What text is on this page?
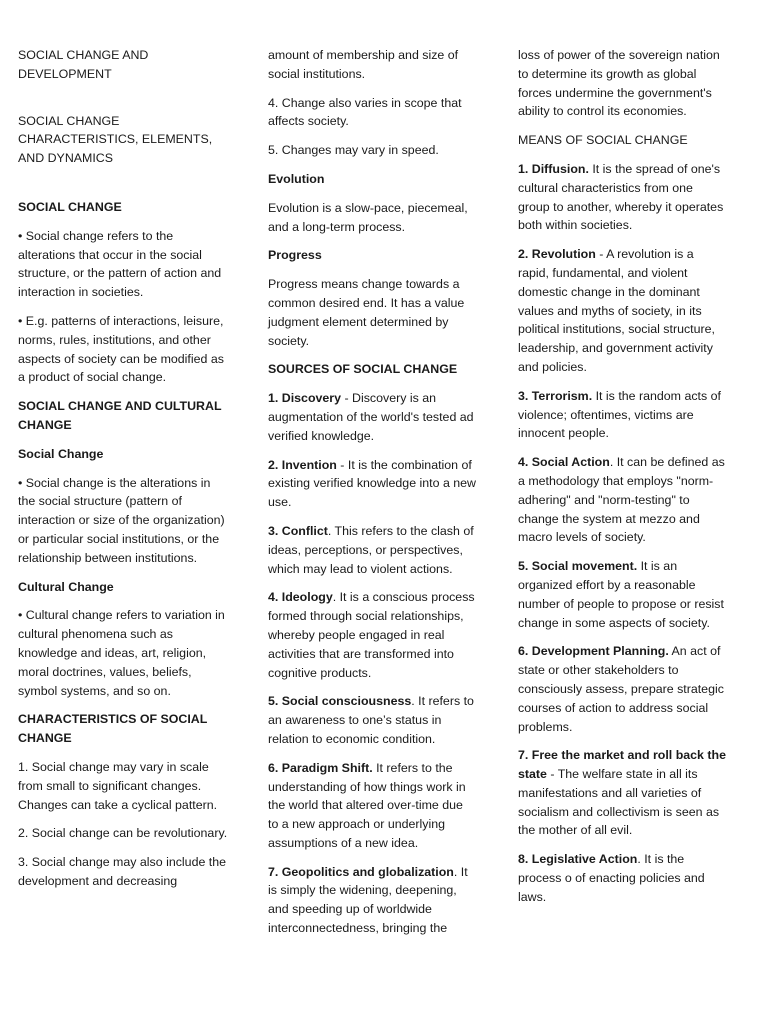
SOCIAL CHANGE AND DEVELOPMENT

SOCIAL CHANGE CHARACTERISTICS, ELEMENTS, AND DYNAMICS

SOCIAL CHANGE

• Social change refers to the alterations that occur in the social structure, or the pattern of action and interaction in societies.

• E.g. patterns of interactions, leisure, norms, rules, institutions, and other aspects of society can be modified as a product of social change.

SOCIAL CHANGE AND CULTURAL CHANGE

Social Change

• Social change is the alterations in the social structure (pattern of interaction or size of the organization) or particular social institutions, or the relationship between institutions.

Cultural Change

• Cultural change refers to variation in cultural phenomena such as knowledge and ideas, art, religion, moral doctrines, values, beliefs, symbol systems, and so on.

CHARACTERISTICS OF SOCIAL CHANGE

1. Social change may vary in scale from small to significant changes. Changes can take a cyclical pattern.

2. Social change can be revolutionary.

3. Social change may also include the development and decreasing

amount of membership and size of social institutions.

4. Change also varies in scope that affects society.

5. Changes may vary in speed.

Evolution

Evolution is a slow-pace, piecemeal, and a long-term process.

Progress

Progress means change towards a common desired end. It has a value judgment element determined by society.

SOURCES OF SOCIAL CHANGE

1. Discovery - Discovery is an augmentation of the world's tested ad verified knowledge.

2. Invention - It is the combination of existing verified knowledge into a new use.

3. Conflict. This refers to the clash of ideas, perceptions, or perspectives, which may lead to violent actions.

4. Ideology. It is a conscious process formed through social relationships, whereby people engaged in real activities that are transformed into cognitive products.

5. Social consciousness. It refers to an awareness to one’s status in relation to economic condition.

6. Paradigm Shift. It refers to the understanding of how things work in the world that altered over-time due to a new approach or underlying assumptions of a new idea.

7. Geopolitics and globalization. It is simply the widening, deepening, and speeding up of worldwide interconnectedness, bringing the

loss of power of the sovereign nation to determine its growth as global forces undermine the government's ability to control its economies.

MEANS OF SOCIAL CHANGE

1. Diffusion. It is the spread of one's cultural characteristics from one group to another, whereby it operates both within societies.

2. Revolution - A revolution is a rapid, fundamental, and violent domestic change in the dominant values and myths of society, in its political institutions, social structure, leadership, and government activity and policies.

3. Terrorism. It is the random acts of violence; oftentimes, victims are innocent people.

4. Social Action. It can be defined as a methodology that employs "norm-adhering" and "norm-testing" to change the system at mezzo and macro levels of society.

5. Social movement. It is an organized effort by a reasonable number of people to propose or resist change in some aspects of society.

6. Development Planning. An act of state or other stakeholders to consciously assess, prepare strategic courses of action to address social problems.

7. Free the market and roll back the state - The welfare state in all its manifestations and all varieties of socialism and collectivism is seen as the mother of all evil.

8. Legislative Action. It is the process o of enacting policies and laws.
